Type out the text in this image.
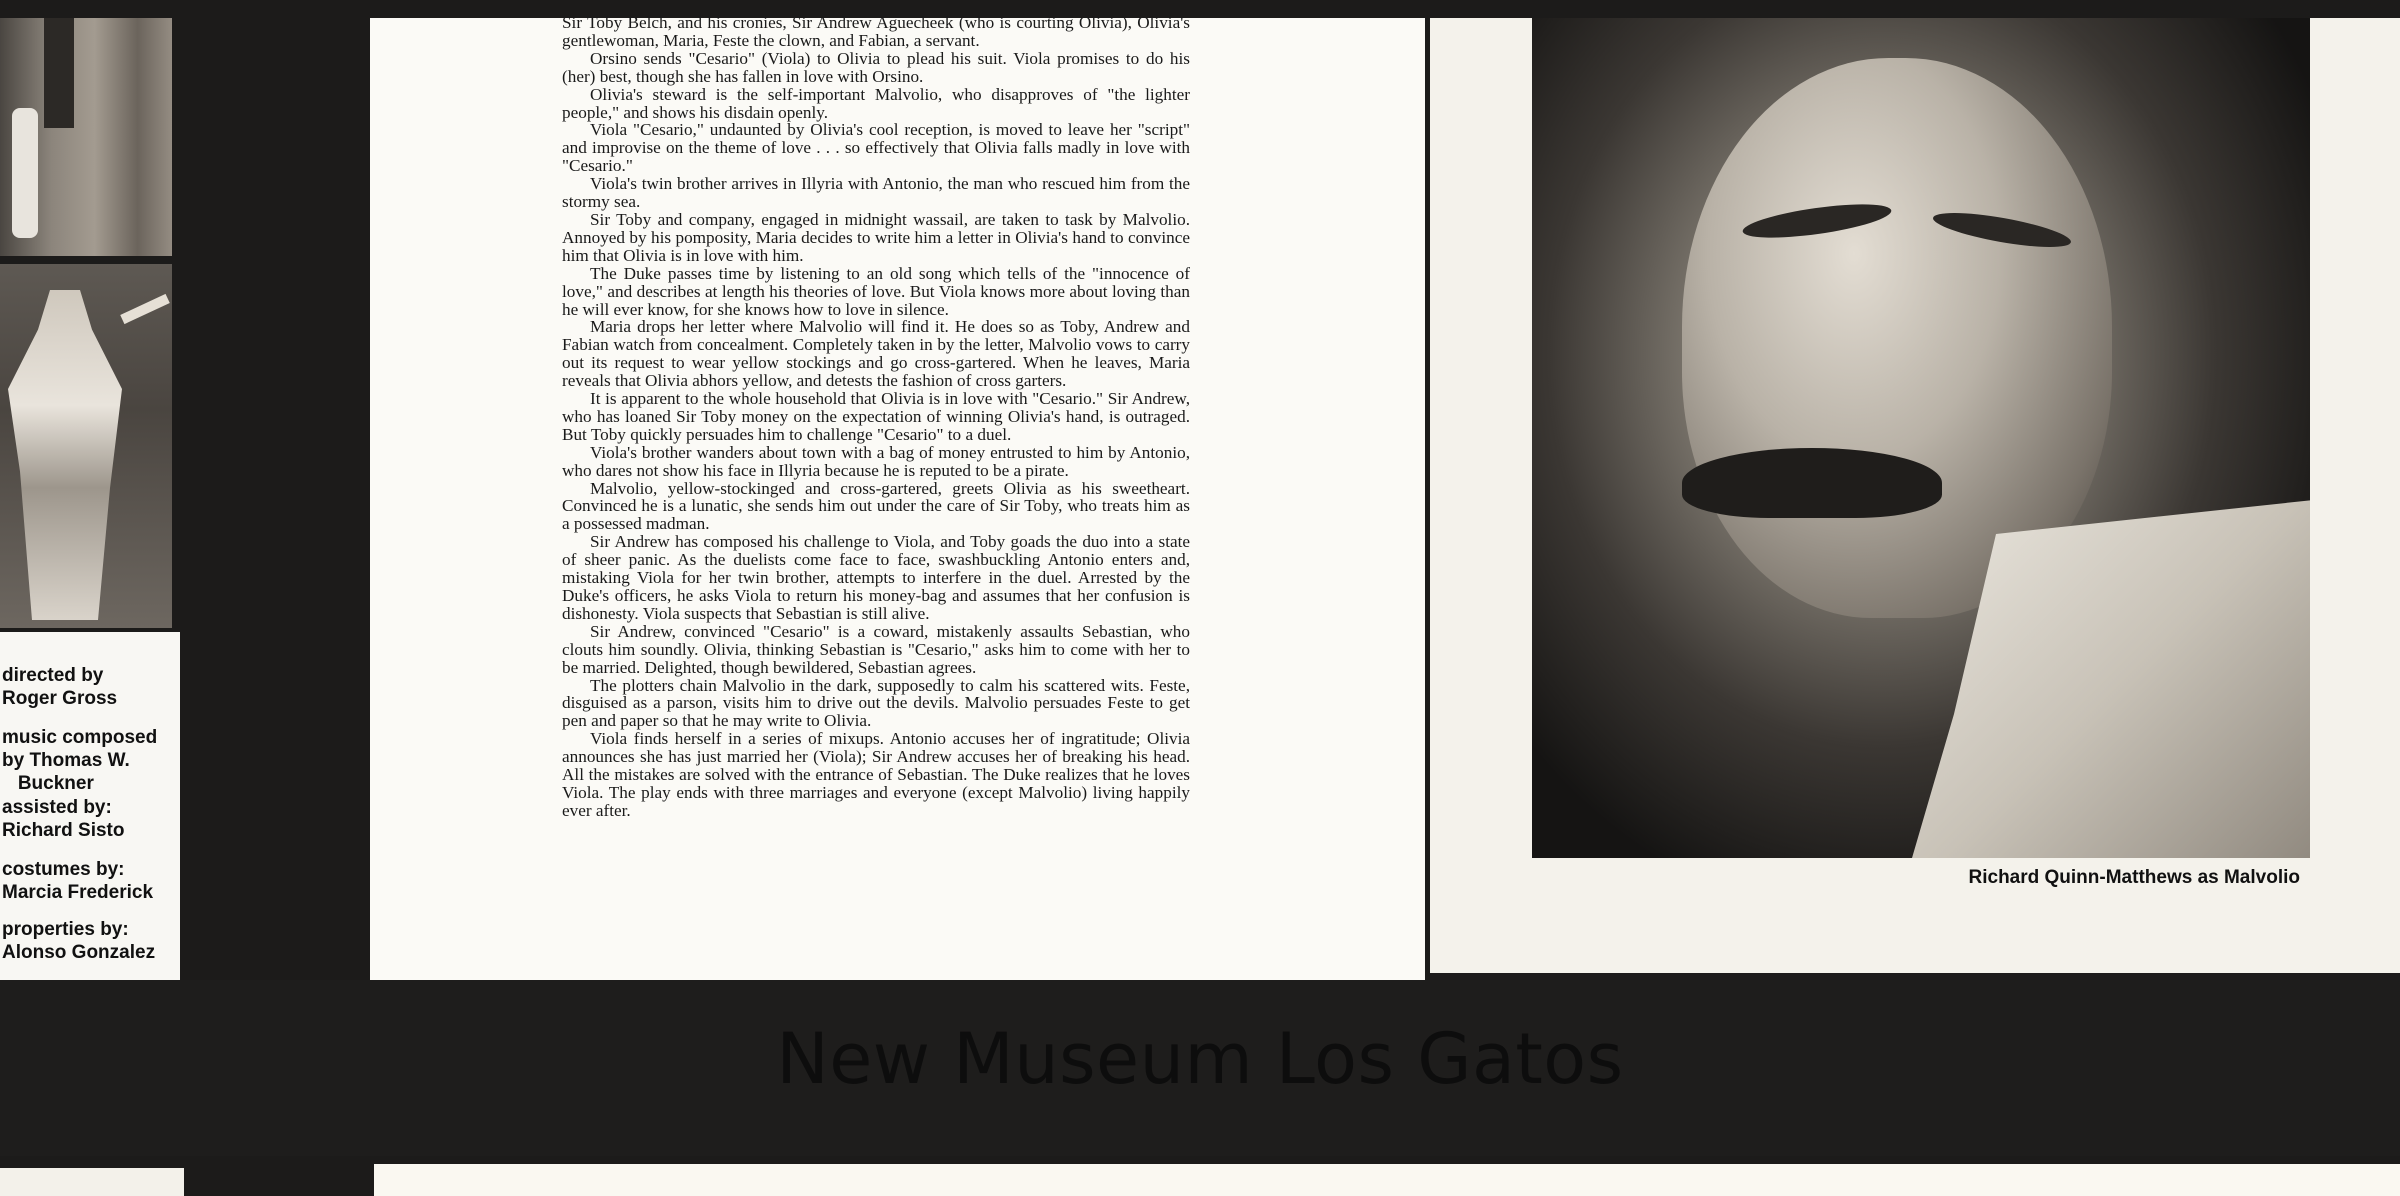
directed by
Roger Gross
music composed
by Thomas W.
Buckner
assisted by:
Richard Sisto
costumes by:
Marcia Frederick
properties by:
Alonso Gonzalez

Sir Toby Belch, and his cronies, Sir Andrew Aguecheek (who is courting Olivia), Olivia's gentlewoman, Maria, Feste the clown, and Fabian, a servant.

Orsino sends "Cesario" (Viola) to Olivia to plead his suit. Viola promises to do his (her) best, though she has fallen in love with Orsino.

Olivia's steward is the self-important Malvolio, who disapproves of "the lighter people," and shows his disdain openly.

Viola "Cesario," undaunted by Olivia's cool reception, is moved to leave her "script" and improvise on the theme of love . . . so effectively that Olivia falls madly in love with "Cesario."

Viola's twin brother arrives in Illyria with Antonio, the man who rescued him from the stormy sea.

Sir Toby and company, engaged in midnight wassail, are taken to task by Malvolio. Annoyed by his pomposity, Maria decides to write him a letter in Olivia's hand to convince him that Olivia is in love with him.

The Duke passes time by listening to an old song which tells of the "innocence of love," and describes at length his theories of love. But Viola knows more about loving than he will ever know, for she knows how to love in silence.

Maria drops her letter where Malvolio will find it. He does so as Toby, Andrew and Fabian watch from concealment. Completely taken in by the letter, Malvolio vows to carry out its request to wear yellow stockings and go cross-gartered. When he leaves, Maria reveals that Olivia abhors yellow, and detests the fashion of cross garters.

It is apparent to the whole household that Olivia is in love with "Cesario." Sir Andrew, who has loaned Sir Toby money on the expectation of winning Olivia's hand, is outraged. But Toby quickly persuades him to challenge "Cesario" to a duel.

Viola's brother wanders about town with a bag of money entrusted to him by Antonio, who dares not show his face in Illyria because he is reputed to be a pirate.

Malvolio, yellow-stockinged and cross-gartered, greets Olivia as his sweetheart. Convinced he is a lunatic, she sends him out under the care of Sir Toby, who treats him as a possessed madman.

Sir Andrew has composed his challenge to Viola, and Toby goads the duo into a state of sheer panic. As the duelists come face to face, swashbuckling Antonio enters and, mistaking Viola for her twin brother, attempts to interfere in the duel. Arrested by the Duke's officers, he asks Viola to return his money-bag and assumes that her confusion is dishonesty. Viola suspects that Sebastian is still alive.

Sir Andrew, convinced "Cesario" is a coward, mistakenly assaults Sebastian, who clouts him soundly. Olivia, thinking Sebastian is "Cesario," asks him to come with her to be married. Delighted, though bewildered, Sebastian agrees.

The plotters chain Malvolio in the dark, supposedly to calm his scattered wits. Feste, disguised as a parson, visits him to drive out the devils. Malvolio persuades Feste to get pen and paper so that he may write to Olivia.

Viola finds herself in a series of mixups. Antonio accuses her of ingratitude; Olivia announces she has just married her (Viola); Sir Andrew accuses her of breaking his head. All the mistakes are solved with the entrance of Sebastian. The Duke realizes that he loves Viola. The play ends with three marriages and everyone (except Malvolio) living happily ever after.

Richard Quinn-Matthews as Malvolio
New Museum Los Gatos
